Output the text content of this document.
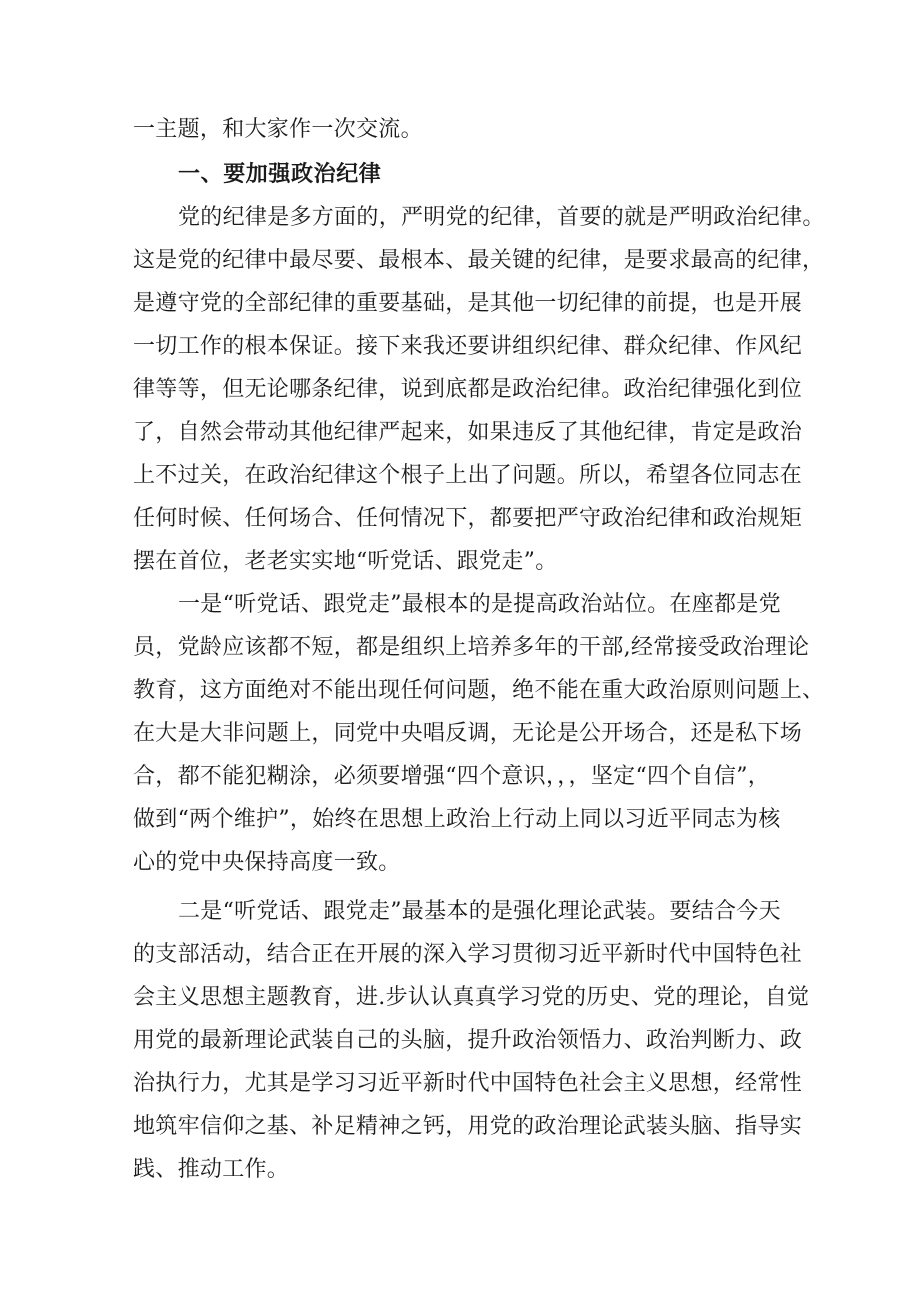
一主题，和大家作一次交流。
一、要加强政治纪律
党的纪律是多方面的，严明党的纪律，首要的就是严明政治纪律。
这是党的纪律中最尽要、最根本、最关键的纪律，是要求最高的纪律，
是遵守党的全部纪律的重要基础，是其他一切纪律的前提，也是开展
一切工作的根本保证。接下来我还要讲组织纪律、群众纪律、作风纪
律等等，但无论哪条纪律，说到底都是政治纪律。政治纪律强化到位
了，自然会带动其他纪律严起来，如果违反了其他纪律，肯定是政治
上不过关，在政治纪律这个根子上出了问题。所以，希望各位同志在
任何时候、任何场合、任何情况下，都要把严守政治纪律和政治规矩
摆在首位，老老实实地“听党话、跟党走”。
一是“听党话、跟党走”最根本的是提高政治站位。在座都是党
员，党龄应该都不短，都是组织上培养多年的干部,经常接受政治理论
教育，这方面绝对不能出现任何问题，绝不能在重大政治原则问题上、
在大是大非问题上，同党中央唱反调，无论是公开场合，还是私下场
合，都不能犯糊涂，必须要增强“四个意识，，，坚定“四个自信”，
做到“两个维护”，始终在思想上政治上行动上同以习近平同志为核
心的党中央保持高度一致。
二是“听党话、跟党走”最基本的是强化理论武装。要结合今天
的支部活动，结合正在开展的深入学习贯彻习近平新时代中国特色社
会主义思想主题教育，进.步认认真真学习党的历史、党的理论，自觉
用党的最新理论武装自己的头脑，提升政治领悟力、政治判断力、政
治执行力，尤其是学习习近平新时代中国特色社会主义思想，经常性
地筑牢信仰之基、补足精神之钙，用党的政治理论武装头脑、指导实
践、推动工作。
